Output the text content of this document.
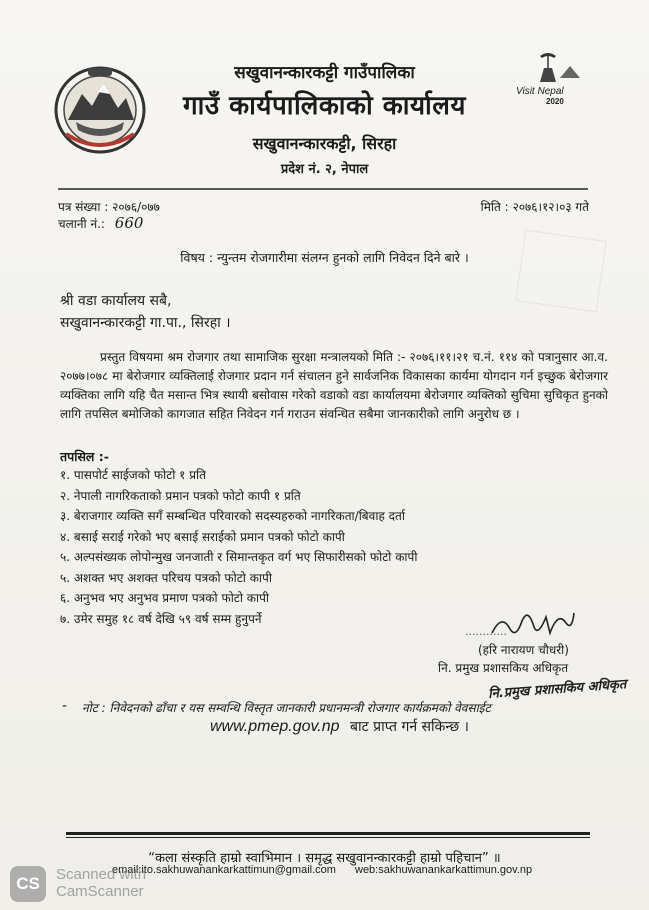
Visit Nepal
2020
सखुवानन्कारकट्टी गाउँपालिका
गाउँ कार्यपालिकाको कार्यालय
सखुवानन्कारकट्टी, सिरहा
प्रदेश नं. २, नेपाल
पत्र संख्या : २०७६/०७७	मिति : २०७६।१२।०३ गते
चलानी नं.: 660
विषय : न्युन्तम रोजगारीमा संलग्न हुनको लागि निवेदन दिने बारे ।
श्री वडा कार्यालय सबै,
सखुवानन्कारकट्टी गा.पा., सिरहा ।
प्रस्तुत विषयमा श्रम रोजगार तथा सामाजिक सुरक्षा मन्त्रालयको मिति :- २०७६।११।२१ च.नं. ११४ को पत्रानुसार आ.व. २०७७।०७८ मा बेरोजगार व्यक्तिलाई रोजगार प्रदान गर्न संचालन हुने सार्वजनिक विकासका कार्यमा योगदान गर्न इच्छुक बेरोजगार व्यक्तिका लागि यहि चैत मसान्त भित्र स्थायी बसोवास गरेको वडाको वडा कार्यालयमा बेरोजगार व्यक्तिको सुचिमा सुचिकृत हुनको लागि तपसिल बमोजिको कागजात सहित निवेदन गर्न गराउन संवन्धित सबैमा जानकारीको लागि अनुरोध छ ।
तपसिल :-
१. पासपोर्ट साईजको फोटो १ प्रति
२. नेपाली नागरिकताको प्रमान पत्रको फोटो कापी १ प्रति
३. बेराजगार व्यक्ति सगँ सम्बन्धित परिवारको सदस्यहरुको नागरिकता/बिवाह दर्ता
४. बसाई सराई गरेको भए बसाई सराईको प्रमान पत्रको फोटो कापी
५. अल्पसंख्यक लोपोन्मुख जनजाती र सिमान्तकृत वर्ग भए सिफारीसको फोटो कापी
५. अशक्त भए अशक्त परिचय पत्रको फोटो कापी
६. अनुभव भए अनुभव प्रमाण पत्रको फोटो कापी
७. उमेर समुह १८ वर्ष देखि ५९ वर्ष सम्म हुनुपर्ने
............
(हरि नारायण चौधरी)
नि. प्रमुख प्रशासकिय अधिकृत
नि.प्रमुख प्रशासकिय अधिकृत
- नोट : निवेदनको ढाँचा र यस सम्वन्धि विस्तृत जानकारी प्रधानमन्त्री रोजगार कार्यक्रमको वेवसाईट
www.pmep.gov.np बाट प्राप्त गर्न सकिन्छ ।
“कला संस्कृति हाम्रो स्वाभिमान । समृद्ध सखुवानन्कारकट्टी हाम्रो पहिचान” ॥
email:ito.sakhuwanankarkattimun@gmail.com web:sakhuwanankarkattimun.gov.np
CS	Scanned with
CamScanner
